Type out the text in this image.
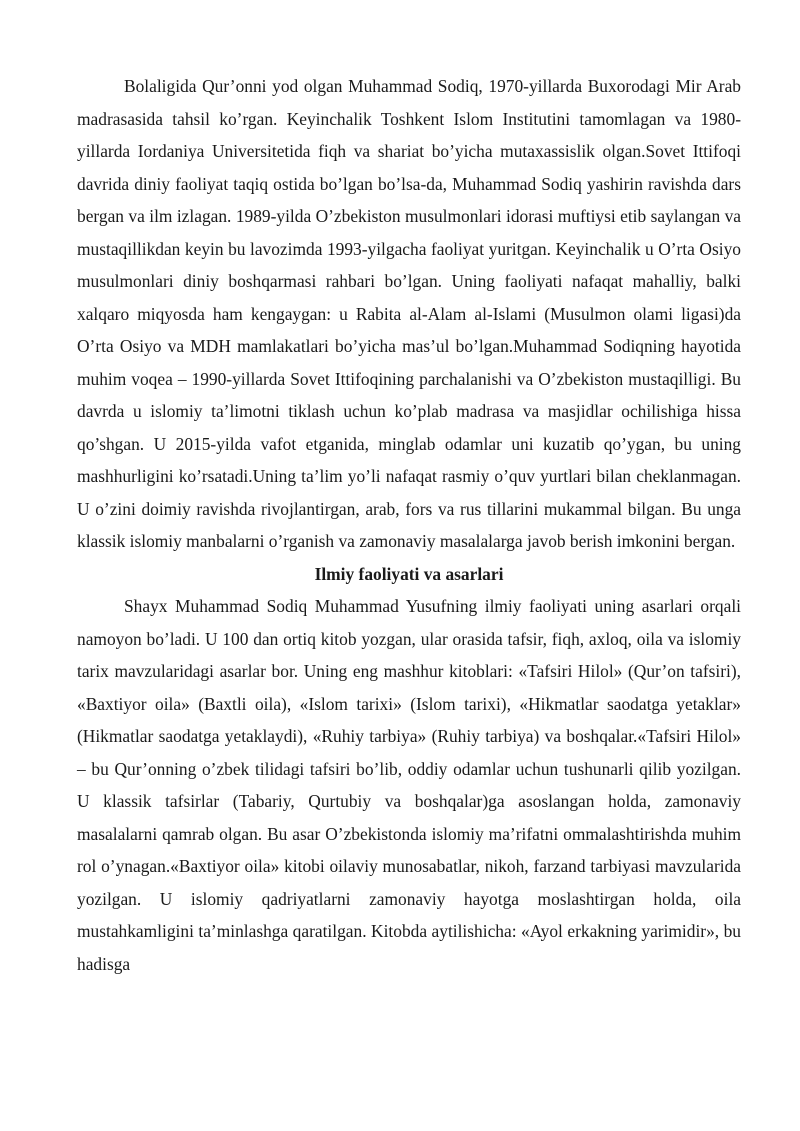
Bolaligida Qur’onni yod olgan Muhammad Sodiq, 1970-yillarda Buxorodagi Mir Arab madrasasida tahsil ko’rgan. Keyinchalik Toshkent Islom Institutini tamomlagan va 1980-yillarda Iordaniya Universitetida fiqh va shariat bo’yicha mutaxassislik olgan.Sovet Ittifoqi davrida diniy faoliyat taqiq ostida bo’lgan bo’lsa-da, Muhammad Sodiq yashirin ravishda dars bergan va ilm izlagan. 1989-yilda O’zbekiston musulmonlari idorasi muftiysi etib saylangan va mustaqillikdan keyin bu lavozimda 1993-yilgacha faoliyat yuritgan. Keyinchalik u O’rta Osiyo musulmonlari diniy boshqarmasi rahbari bo’lgan. Uning faoliyati nafaqat mahalliy, balki xalqaro miqyosda ham kengaygan: u Rabita al-Alam al-Islami (Musulmon olami ligasi)da O’rta Osiyo va MDH mamlakatlari bo’yicha mas’ul bo’lgan.Muhammad Sodiqning hayotida muhim voqea – 1990-yillarda Sovet Ittifoqining parchalanishi va O’zbekiston mustaqilligi. Bu davrda u islomiy ta’limotni tiklash uchun ko’plab madrasa va masjidlar ochilishiga hissa qo’shgan. U 2015-yilda vafot etganida, minglab odamlar uni kuzatib qo’ygan, bu uning mashhurligini ko’rsatadi.Uning ta’lim yo’li nafaqat rasmiy o’quv yurtlari bilan cheklanmagan. U o’zini doimiy ravishda rivojlantirgan, arab, fors va rus tillarini mukammal bilgan. Bu unga klassik islomiy manbalarni o’rganish va zamonaviy masalalarga javob berish imkonini bergan.

Ilmiy faoliyati va asarlari

Shayx Muhammad Sodiq Muhammad Yusufning ilmiy faoliyati uning asarlari orqali namoyon bo’ladi. U 100 dan ortiq kitob yozgan, ular orasida tafsir, fiqh, axloq, oila va islomiy tarix mavzularidagi asarlar bor. Uning eng mashhur kitoblari: «Tafsiri Hilol» (Qur’on tafsiri), «Baxtiyor oila» (Baxtli oila), «Islom tarixi» (Islom tarixi), «Hikmatlar saodatga yetaklar» (Hikmatlar saodatga yetaklaydi), «Ruhiy tarbiya» (Ruhiy tarbiya) va boshqalar.«Tafsiri Hilol» – bu Qur’onning o’zbek tilidagi tafsiri bo’lib, oddiy odamlar uchun tushunarli qilib yozilgan. U klassik tafsirlar (Tabariy, Qurtubiy va boshqalar)ga asoslangan holda, zamonaviy masalalarni qamrab olgan. Bu asar O’zbekistonda islomiy ma’rifatni ommalashtirishda muhim rol o’ynagan.«Baxtiyor oila» kitobi oilaviy munosabatlar, nikoh, farzand tarbiyasi mavzularida yozilgan. U islomiy qadriyatlarni zamonaviy hayotga moslashtirgan holda, oila mustahkamligini ta’minlashga qaratilgan. Kitobda aytilishicha: «Ayol erkakning yarimidir», bu hadisga
